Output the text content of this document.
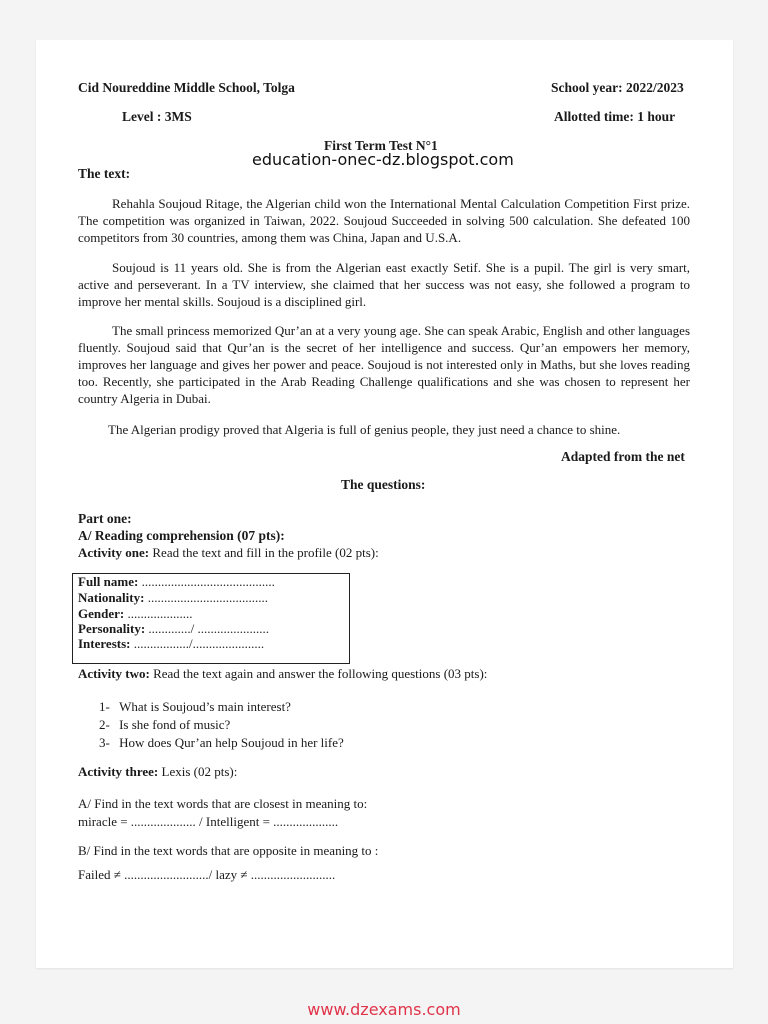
Cid Noureddine Middle School, Tolga	School year: 2022/2023
Level : 3MS	Allotted time: 1 hour
First Term Test N°1
education-onec-dz.blogspot.com
The text:

Rehahla Soujoud Ritage, the Algerian child won the International Mental Calculation Competition First prize. The competition was organized in Taiwan, 2022. Soujoud Succeeded in solving 500 calculation. She defeated 100 competitors from 30 countries, among them was China, Japan and U.S.A.

Soujoud is 11 years old. She is from the Algerian east exactly Setif. She is a pupil. The girl is very smart, active and perseverant. In a TV interview, she claimed that her success was not easy, she followed a program to improve her mental skills. Soujoud is a disciplined girl.

The small princess memorized Qur’an at a very young age. She can speak Arabic, English and other languages fluently. Soujoud said that Qur’an is the secret of her intelligence and success. Qur’an empowers her memory, improves her language and gives her power and peace. Soujoud is not interested only in Maths, but she loves reading too. Recently, she participated in the Arab Reading Challenge qualifications and she was chosen to represent her country Algeria in Dubai.

The Algerian prodigy proved that Algeria is full of genius people, they just need a chance to shine.

Adapted from the net
The questions:
Part one:
A/ Reading comprehension (07 pts):
Activity one: Read the text and fill in the profile (02 pts):
Full name: .........................................
Nationality: .....................................
Gender: ....................
Personality: ............./ ......................
Interests: ................./......................
Activity two: Read the text again and answer the following questions (03 pts):
1- What is Soujoud’s main interest?
2- Is she fond of music?
3- How does Qur’an help Soujoud in her life?
Activity three: Lexis (02 pts):
A/ Find in the text words that are closest in meaning to:
miracle = .................... / Intelligent = ....................
B/ Find in the text words that are opposite in meaning to :
Failed ≠ ........................../ lazy ≠ ..........................
www.dzexams.com
